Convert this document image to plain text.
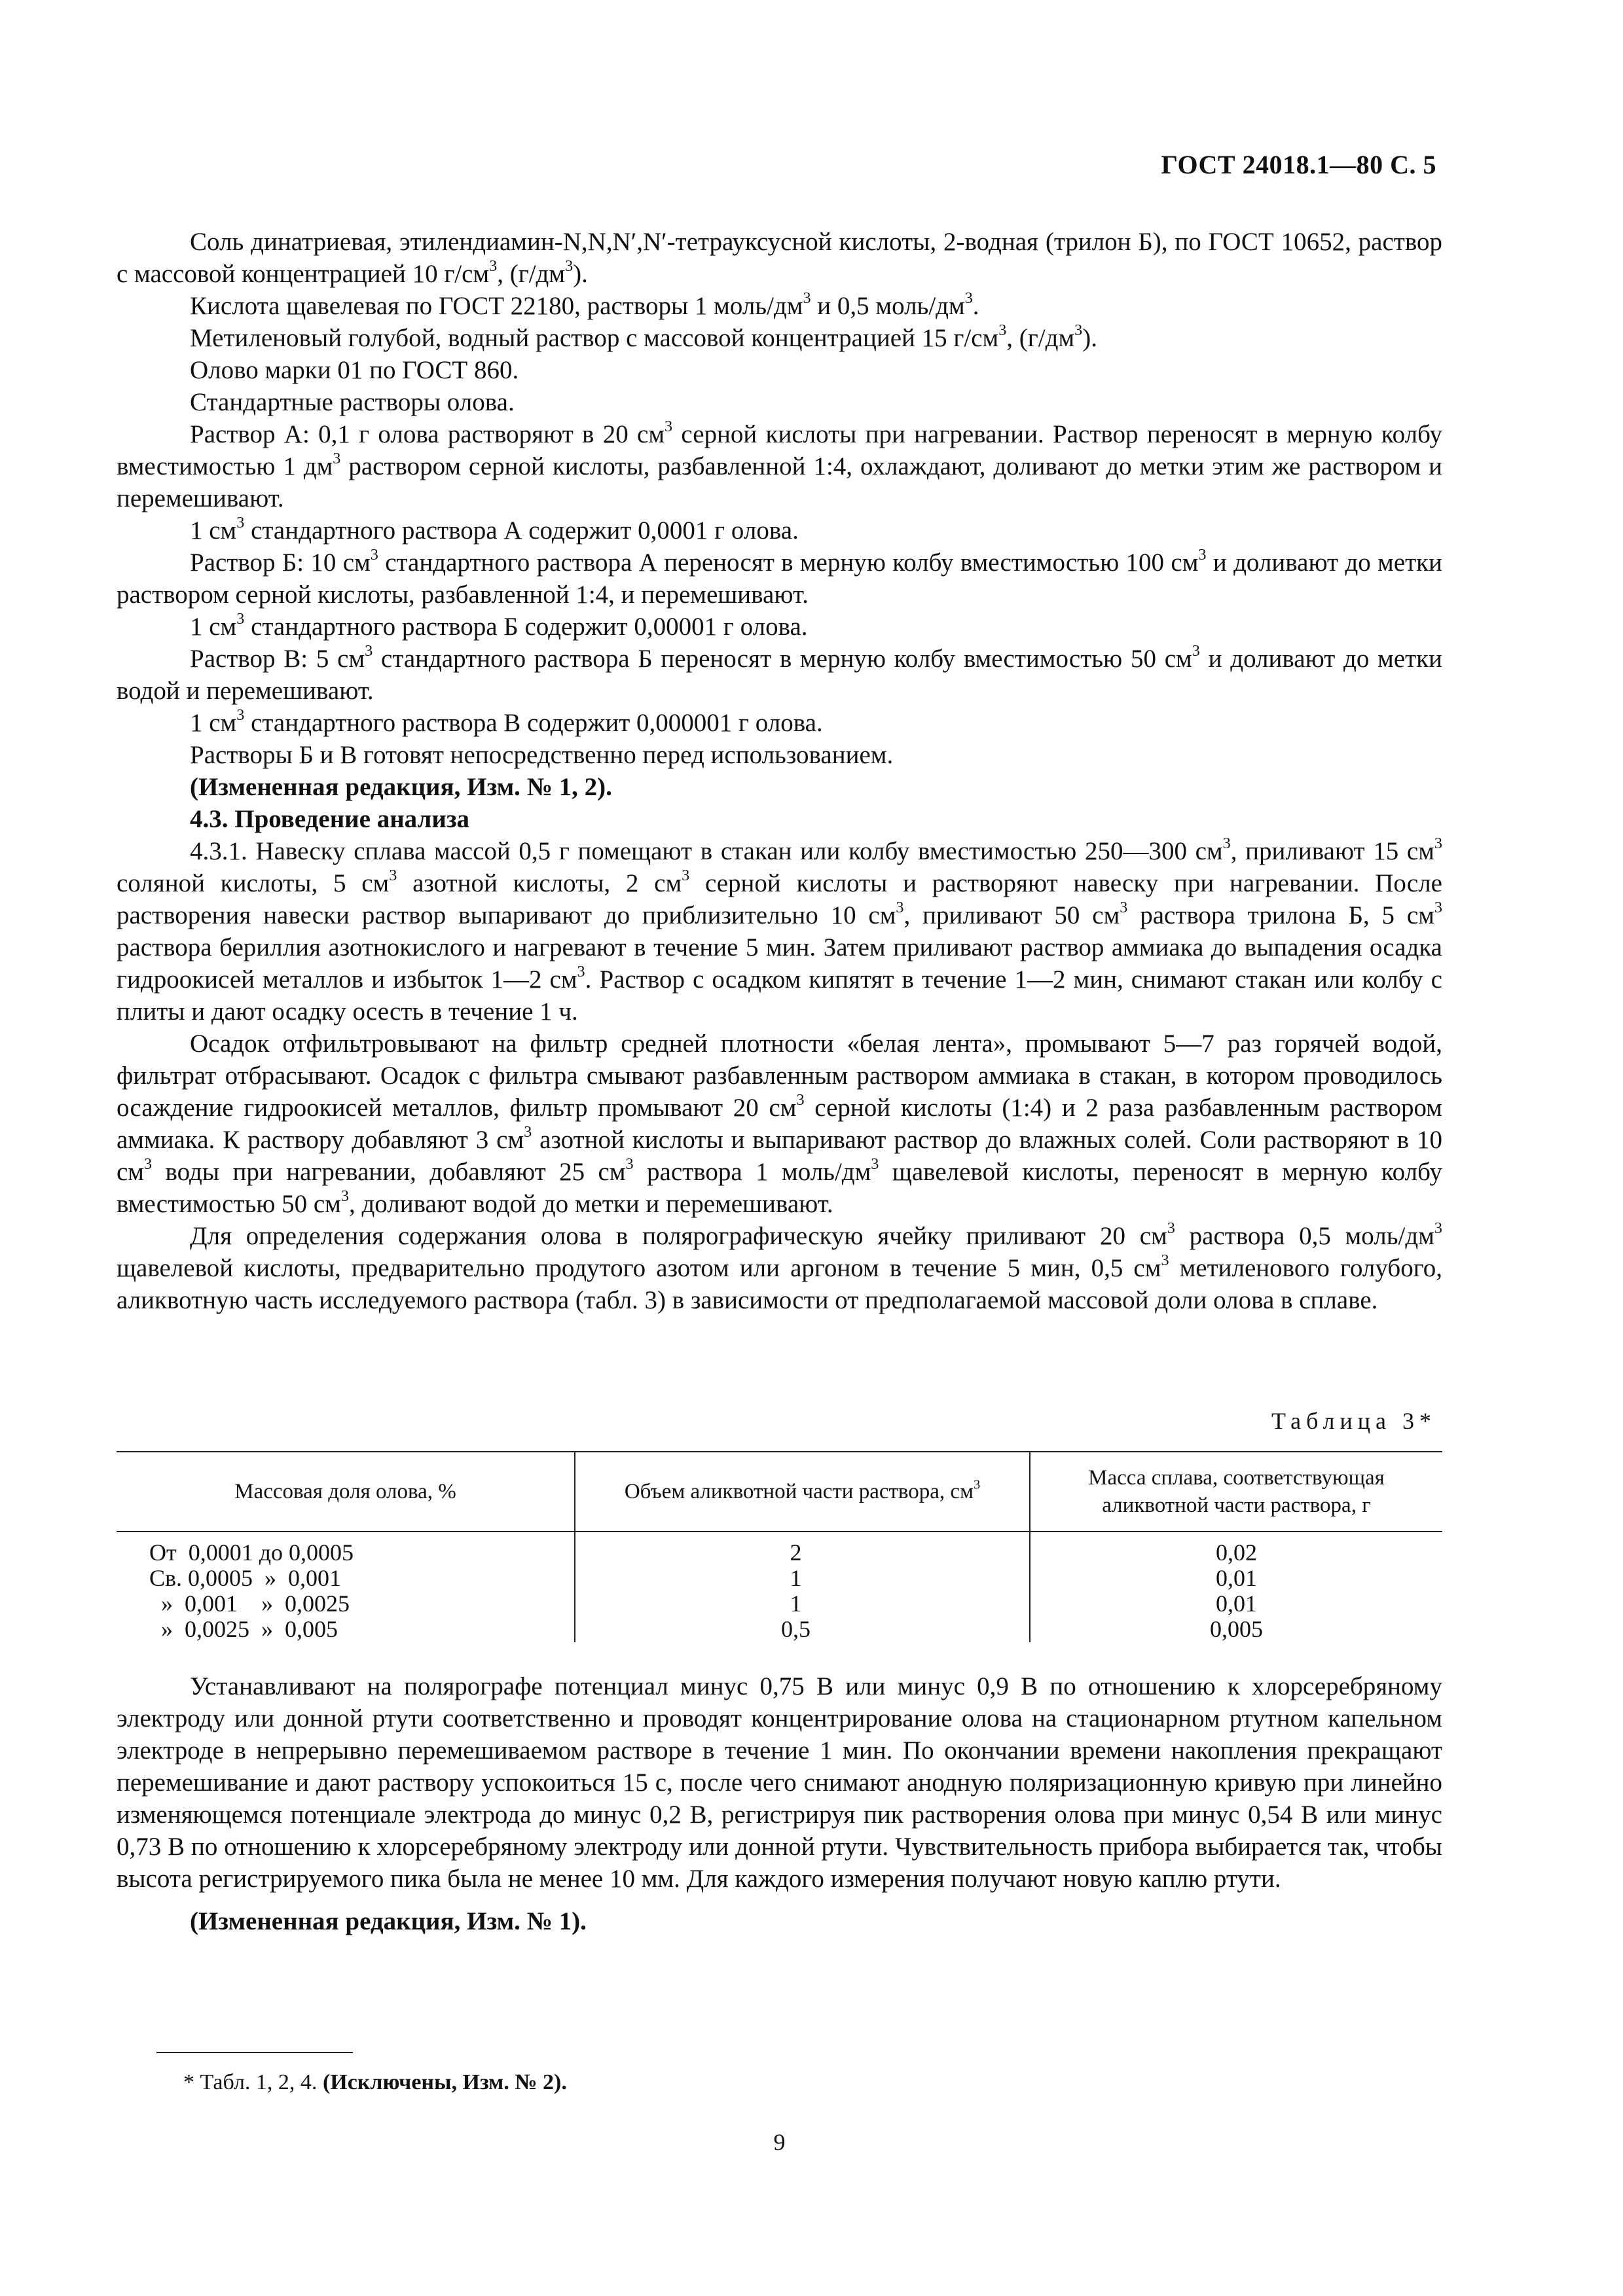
ГОСТ 24018.1—80 С. 5

Соль динатриевая, этилендиамин-N,N,N′,N′-тетрауксусной кислоты, 2-водная (трилон Б), по ГОСТ 10652, раствор с массовой концентрацией 10 $г/см^3$, $(г/дм^3)$.

Кислота щавелевая по ГОСТ 22180, растворы 1 моль/$дм^3$ и 0,5 моль/$дм^3$.

Метиленовый голубой, водный раствор с массовой концентрацией 15 $г/см^3$, $(г/дм^3)$.

Олово марки 01 по ГОСТ 860.

Стандартные растворы олова.

Раствор А: 0,1 г олова растворяют в 20 $см^3$ серной кислоты при нагревании. Раствор переносят в мерную колбу вместимостью 1 $дм^3$ раствором серной кислоты, разбавленной 1:4, охлаждают, доливают до метки этим же раствором и перемешивают.

1 $см^3$ стандартного раствора А содержит 0,0001 г олова.

Раствор Б: 10 $см^3$ стандартного раствора А переносят в мерную колбу вместимостью 100 $см^3$ и доливают до метки раствором серной кислоты, разбавленной 1:4, и перемешивают.

1 $см^3$ стандартного раствора Б содержит 0,00001 г олова.

Раствор В: 5 $см^3$ стандартного раствора Б переносят в мерную колбу вместимостью 50 $см^3$ и доливают до метки водой и перемешивают.

1 $см^3$ стандартного раствора В содержит 0,000001 г олова.

Растворы Б и В готовят непосредственно перед использованием.

(Измененная редакция, Изм. № 1, 2).

4.3. Проведение анализа

4.3.1. Навеску сплава массой 0,5 г помещают в стакан или колбу вместимостью 250—300 $см^3$, приливают 15 $см^3$ соляной кислоты, 5 $см^3$ азотной кислоты, 2 $см^3$ серной кислоты и растворяют навеску при нагревании. После растворения навески раствор выпаривают до приблизительно 10 $см^3$, приливают 50 $см^3$ раствора трилона Б, 5 $см^3$ раствора бериллия азотнокислого и нагревают в течение 5 мин. Затем приливают раствор аммиака до выпадения осадка гидроокисей металлов и избыток 1—2 $см^3$. Раствор с осадком кипятят в течение 1—2 мин, снимают стакан или колбу с плиты и дают осадку осесть в течение 1 ч.

Осадок отфильтровывают на фильтр средней плотности «белая лента», промывают 5—7 раз горячей водой, фильтрат отбрасывают. Осадок с фильтра смывают разбавленным раствором аммиака в стакан, в котором проводилось осаждение гидроокисей металлов, фильтр промывают 20 $см^3$ серной кислоты (1:4) и 2 раза разбавленным раствором аммиака. К раствору добавляют 3 $см^3$ азотной кислоты и выпаривают раствор до влажных солей. Соли растворяют в 10 $см^3$ воды при нагревании, добавляют 25 $см^3$ раствора 1 моль/$дм^3$ щавелевой кислоты, переносят в мерную колбу вместимостью 50 $см^3$, доливают водой до метки и перемешивают.

Для определения содержания олова в полярографическую ячейку приливают 20 $см^3$ раствора 0,5 моль/$дм^3$ щавелевой кислоты, предварительно продутого азотом или аргоном в течение 5 мин, 0,5 $см^3$ метиленового голубого, аликвотную часть исследуемого раствора (табл. 3) в зависимости от предполагаемой массовой доли олова в сплаве.

Таблица 3*
Массовая доля олова, %	Объем аликвотной части раствора, $см^3$	Масса сплава, соответствующая аликвотной части раствора, г
От  0,0001 до 0,0005	2	0,02
Св. 0,0005  »  0,001	1	0,01
»  0,001    »  0,0025	1	0,01
»  0,0025  »  0,005	0,5	0,005

Устанавливают на полярографе потенциал минус 0,75 В или минус 0,9 В по отношению к хлорсеребряному электроду или донной ртути соответственно и проводят концентрирование олова на стационарном ртутном капельном электроде в непрерывно перемешиваемом растворе в течение 1 мин. По окончании времени накопления прекращают перемешивание и дают раствору успокоиться 15 с, после чего снимают анодную поляризационную кривую при линейно изменяющемся потенциале электрода до минус 0,2 В, регистрируя пик растворения олова при минус 0,54 В или минус 0,73 В по отношению к хлорсеребряному электроду или донной ртути. Чувствительность прибора выбирается так, чтобы высота регистрируемого пика была не менее 10 мм. Для каждого измерения получают новую каплю ртути.

(Измененная редакция, Изм. № 1).

* Табл. 1, 2, 4. (Исключены, Изм. № 2).
9
